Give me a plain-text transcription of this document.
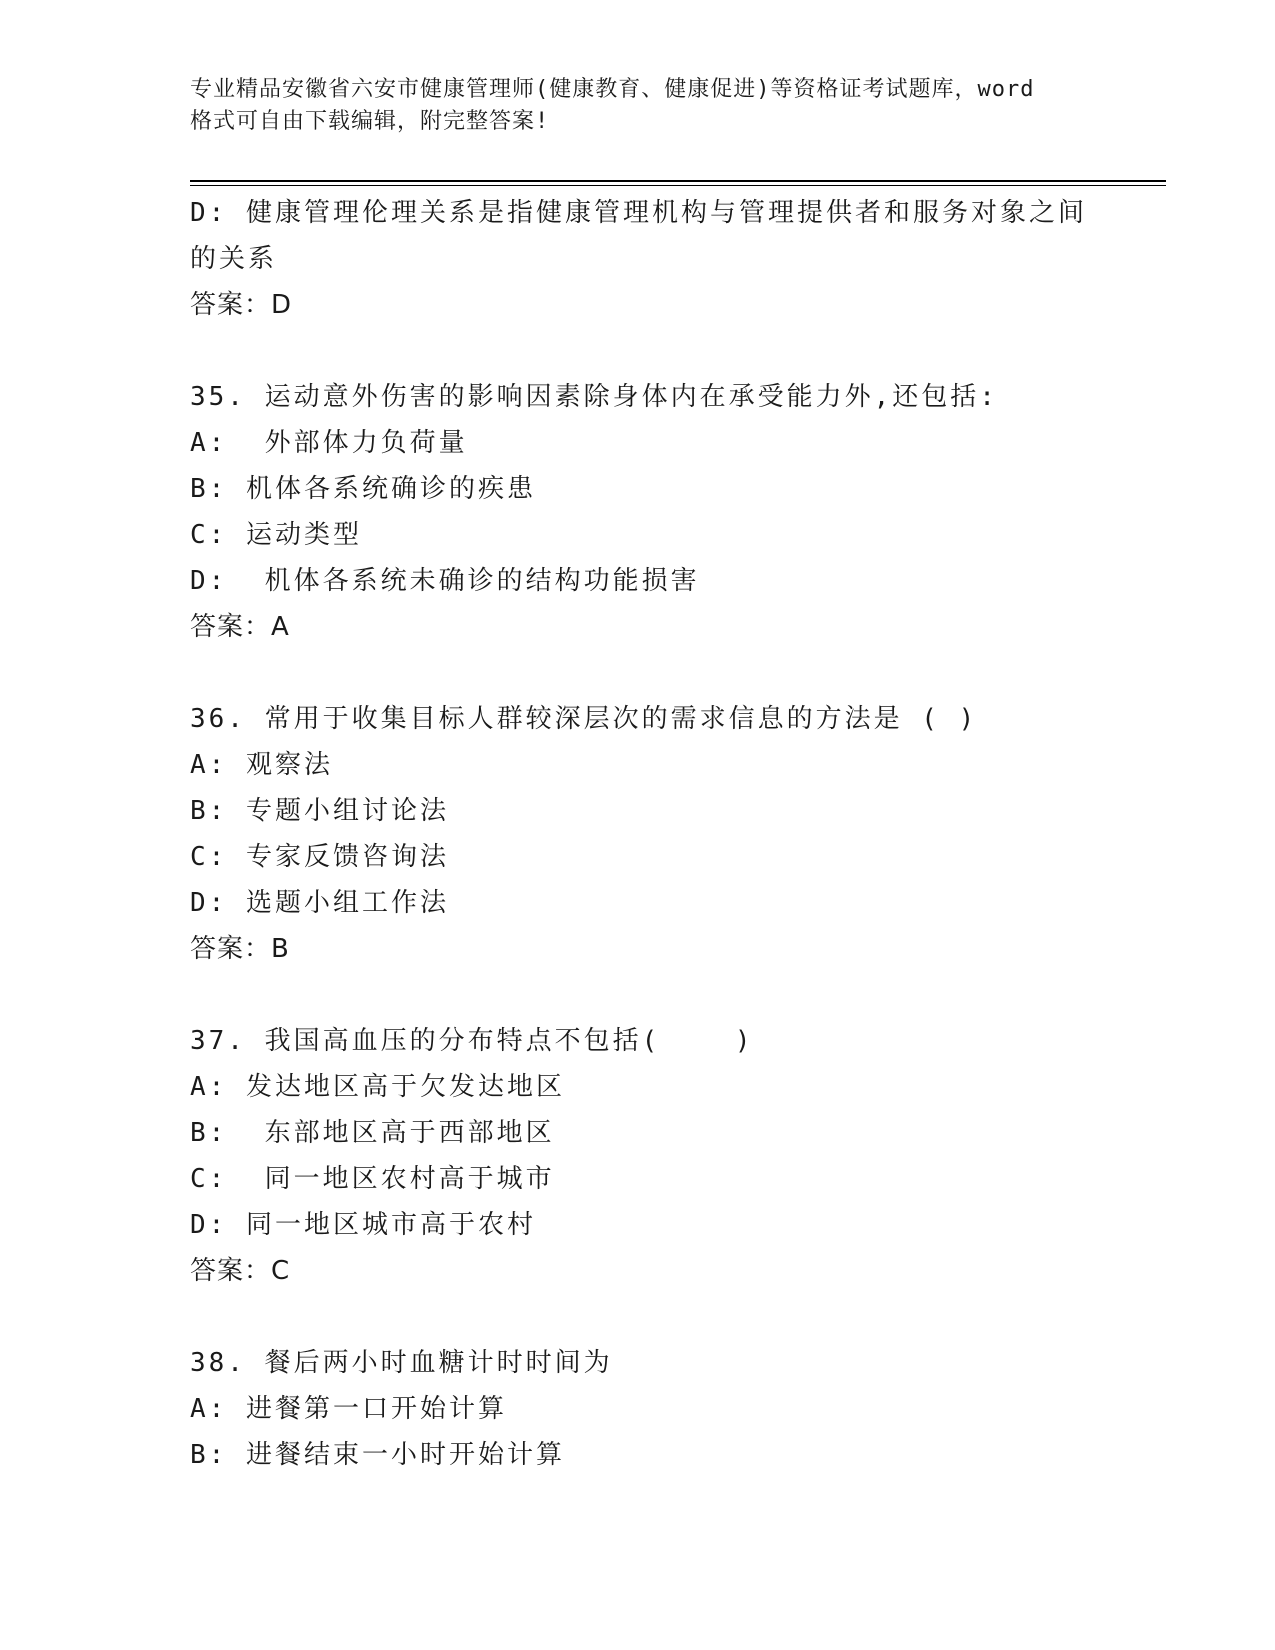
专业精品安徽省六安市健康管理师(健康教育、健康促进)等资格证考试题库，word
格式可自由下载编辑，附完整答案!
D: 健康管理伦理关系是指健康管理机构与管理提供者和服务对象之间
的关系
答案：D
35. 运动意外伤害的影响因素除身体内在承受能力外,还包括:
A:  外部体力负荷量
B: 机体各系统确诊的疾患
C: 运动类型
D:  机体各系统未确诊的结构功能损害
答案：A
36. 常用于收集目标人群较深层次的需求信息的方法是 ( )
A: 观察法
B: 专题小组讨论法
C: 专家反馈咨询法
D: 选题小组工作法
答案：B
37. 我国高血压的分布特点不包括(    )
A: 发达地区高于欠发达地区
B:  东部地区高于西部地区
C:  同一地区农村高于城市
D: 同一地区城市高于农村
答案：C
38. 餐后两小时血糖计时时间为
A: 进餐第一口开始计算
B: 进餐结束一小时开始计算
